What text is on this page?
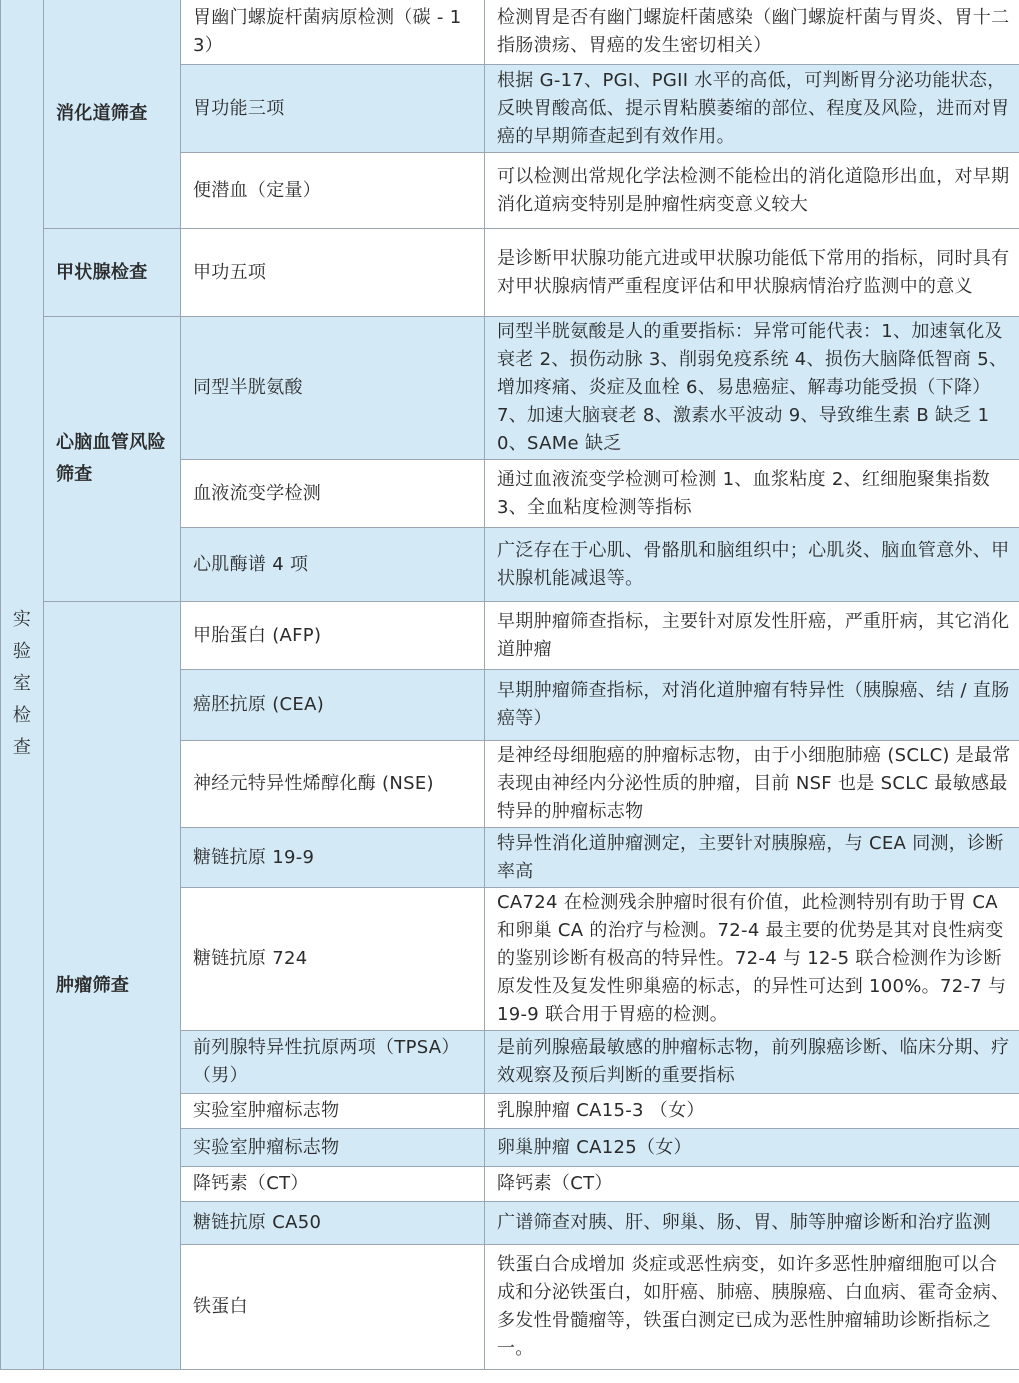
实验室检查	消化道筛查	胃幽门螺旋杆菌病原检测（碳 - 13）	检测胃是否有幽门螺旋杆菌感染（幽门螺旋杆菌与胃炎、胃十二指肠溃疡、胃癌的发生密切相关）
		胃功能三项	根据 G-17、PGI、PGII 水平的高低，可判断胃分泌功能状态，反映胃酸高低、提示胃粘膜萎缩的部位、程度及风险，进而对胃癌的早期筛查起到有效作用。
		便潜血（定量）	可以检测出常规化学法检测不能检出的消化道隐形出血，对早期消化道病变特别是肿瘤性病变意义较大
	甲状腺检查	甲功五项	是诊断甲状腺功能亢进或甲状腺功能低下常用的指标，同时具有对甲状腺病情严重程度评估和甲状腺病情治疗监测中的意义

	心脑血管风险筛查	同型半胱氨酸	同型半胱氨酸是人的重要指标：异常可能代表：1、加速氧化及衰老 2、损伤动脉 3、削弱免疫系统 4、损伤大脑降低智商 5、增加疼痛、炎症及血栓 6、易患癌症、解毒功能受损（下降）7、加速大脑衰老 8、激素水平波动 9、导致维生素 B 缺乏 10、SAMe 缺乏
		血液流变学检测	通过血液流变学检测可检测 1、血浆粘度 2、红细胞聚集指数 3、全血粘度检测等指标
		心肌酶谱 4 项	广泛存在于心肌、骨骼肌和脑组织中；心肌炎、脑血管意外、甲状腺机能减退等。
	肿瘤筛查	甲胎蛋白 (AFP)	早期肿瘤筛查指标，主要针对原发性肝癌，严重肝病，其它消化道肿瘤
		癌胚抗原 (CEA)	早期肿瘤筛查指标，对消化道肿瘤有特异性（胰腺癌、结 / 直肠癌等）
		神经元特异性烯醇化酶 (NSE)	是神经母细胞癌的肿瘤标志物，由于小细胞肺癌 (SCLC) 是最常表现由神经内分泌性质的肿瘤，目前 NSF 也是 SCLC 最敏感最特异的肿瘤标志物
		糖链抗原 19-9	特异性消化道肿瘤测定，主要针对胰腺癌，与 CEA 同测，诊断率高
		糖链抗原 724	CA724 在检测残余肿瘤时很有价值，此检测特别有助于胃 CA 和卵巢 CA 的治疗与检测。72-4 最主要的优势是其对良性病变的鉴别诊断有极高的特异性。72-4 与 12-5 联合检测作为诊断原发性及复发性卵巢癌的标志，的异性可达到 100%。72-7 与 19-9 联合用于胃癌的检测。
		前列腺特异性抗原两项（TPSA）（男）	是前列腺癌最敏感的肿瘤标志物，前列腺癌诊断、临床分期、疗效观察及预后判断的重要指标
		实验室肿瘤标志物	乳腺肿瘤 CA15-3 （女）
		实验室肿瘤标志物	卵巢肿瘤 CA125（女）
		降钙素（CT）	降钙素（CT）
		糖链抗原 CA50	广谱筛查对胰、肝、卵巢、肠、胃、肺等肿瘤诊断和治疗监测
		铁蛋白	铁蛋白合成增加 炎症或恶性病变，如许多恶性肿瘤细胞可以合成和分泌铁蛋白，如肝癌、肺癌、胰腺癌、白血病、霍奇金病、多发性骨髓瘤等，铁蛋白测定已成为恶性肿瘤辅助诊断指标之一。
